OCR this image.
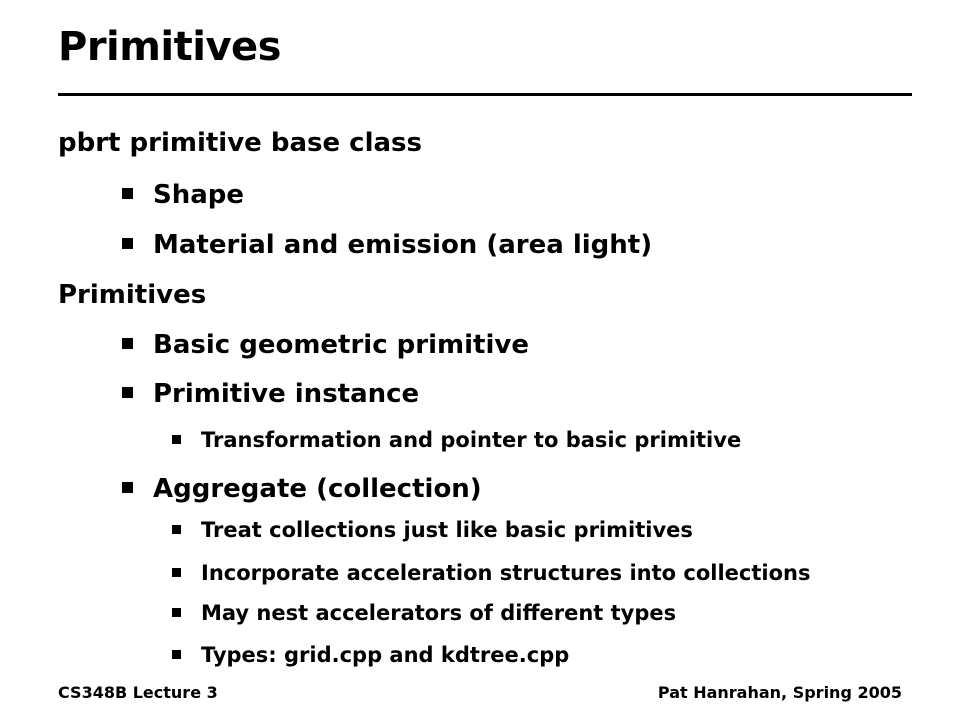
Primitives
pbrt primitive base class
Shape
Material and emission (area light)
Primitives
Basic geometric primitive
Primitive instance
Transformation and pointer to basic primitive
Aggregate (collection)
Treat collections just like basic primitives
Incorporate acceleration structures into collections
May nest accelerators of different types
Types: grid.cpp and kdtree.cpp
CS348B Lecture 3	Pat Hanrahan, Spring 2005
